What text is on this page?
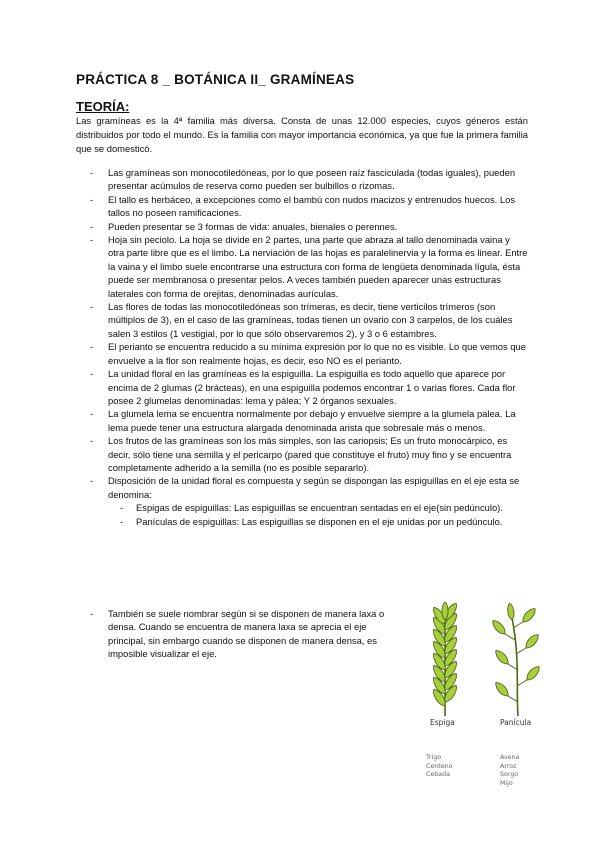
PRÁCTICA 8 _ BOTÁNICA II_ GRAMÍNEAS
TEORÍA:

Las gramíneas es la 4ª familia más diversa. Consta de unas 12.000 especies, cuyos géneros están distribuidos por todo el mundo. Es la familia con mayor importancia económica, ya que fue la primera familia que se domesticó.

- Las gramíneas son monocotiledóneas, por lo que poseen raíz fasciculada (todas iguales), pueden presentar acúmulos de reserva como pueden ser bulbillos o rizomas.
- El tallo es herbáceo, a excepciones como el bambú con nudos macizos y entrenudos huecos. Los tallos no poseen ramificaciones.
- Pueden presentar se 3 formas de vida: anuales, bienales o perennes.
- Hoja sin peciolo. La hoja se divide en 2 partes, una parte que abraza al tallo denominada vaina y otra parte libre que es el limbo. La nerviación de las hojas es paralelinervia y la forma es linear. Entre la vaina y el limbo suele encontrarse una estructura con forma de lengüeta denominada lígula, ésta puede ser membranosa o presentar pelos. A veces también pueden aparecer unas estructuras laterales con forma de orejitas, denominadas aurículas.
- Las flores de todas las monocotiledóneas son trímeras, es decir, tiene verticilos trímeros (son múltiplos de 3), en el caso de las gramíneas, todas tienen un ovario con 3 carpelos, de los cuáles salen 3 estilos (1 vestigial, por lo que sólo observaremos 2), y 3 o 6 estambres.
- El perianto se encuentra reducido a su mínima expresión por lo que no es visible. Lo que vemos que envuelve a la flor son realmente hojas, es decir, eso NO es el perianto.
- La unidad floral en las gramíneas es la espiguilla. La espiguilla es todo aquello que aparece por encima de 2 glumas (2 brácteas), en una espiguilla podemos encontrar 1 o varias flores. Cada flor posee 2 glumelas denominadas: lema y pálea; Y 2 órganos sexuales.
- La glumela lema se encuentra normalmente por debajo y envuelve siempre a la glumela palea. La lema puede tener una estructura alargada denominada arista que sobresale más o menos.
- Los frutos de las gramíneas son los más simples, son las cariopsis; Es un fruto monocárpico, es decir, sólo tiene una semilla y el pericarpo (pared que constituye el fruto) muy fino y se encuentra completamente adherido a la semilla (no es posible separarlo).
- Disposición de la unidad floral es compuesta y según se dispongan las espiguillas en el eje esta se denomina:
- Espigas de espiguillas: Las espiguillas se encuentran sentadas en el eje(sin pedúnculo).
- Panículas de espiguillas: Las espiguillas se disponen en el eje unidas por un pedúnculo.

- También se suele nombrar según si se disponen de manera laxa o densa. Cuando se encuentra de manera laxa se aprecia el eje principal, sin embargo cuando se disponen de manera densa, es imposible visualizar el eje.

Espiga	Panícula

Trigo
Centeno
Cebada
Avena
Arroz
Sorgo
Mijo
